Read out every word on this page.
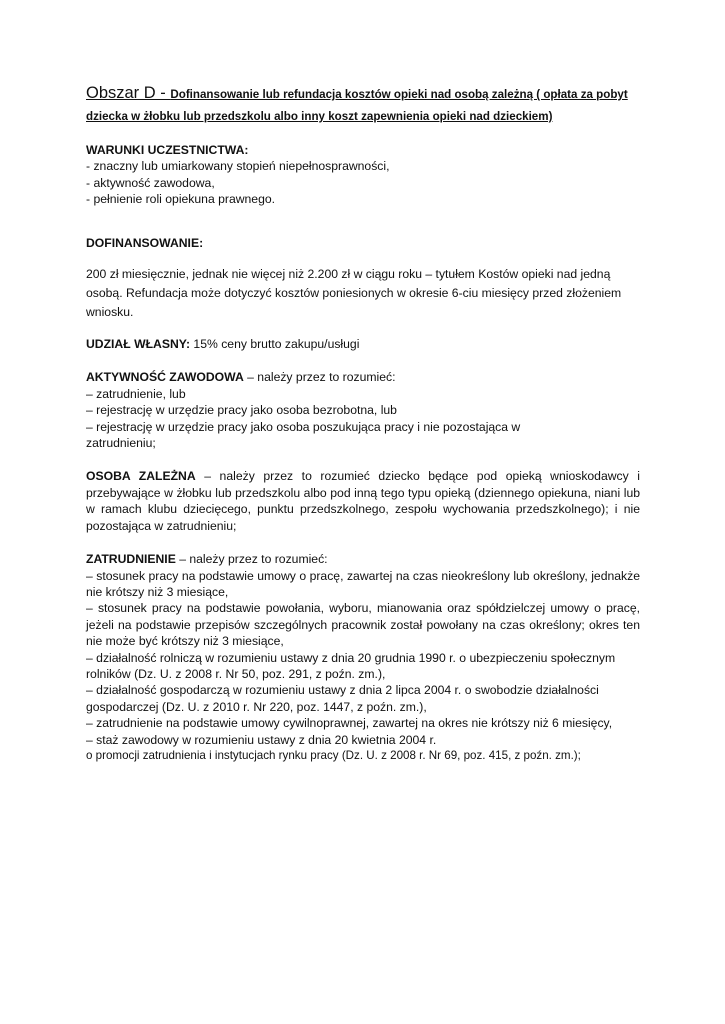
Obszar D - Dofinansowanie lub refundacja kosztów opieki nad osobą zależną ( opłata za pobyt dziecka w żłobku lub przedszkolu albo inny koszt zapewnienia opieki nad dzieckiem)

WARUNKI UCZESTNICTWA:
- znaczny lub umiarkowany stopień niepełnosprawności,
- aktywność zawodowa,
- pełnienie roli opiekuna prawnego.
DOFINANSOWANIE:

200 zł miesięcznie, jednak nie więcej niż 2.200 zł w ciągu roku – tytułem Kostów opieki nad jedną osobą. Refundacja może dotyczyć kosztów poniesionych w okresie 6-ciu miesięcy przed złożeniem wniosku.

UDZIAŁ WŁASNY: 15% ceny brutto zakupu/usługi

AKTYWNOŚĆ ZAWODOWA – należy przez to rozumieć:
– zatrudnienie, lub
– rejestrację w urzędzie pracy jako osoba bezrobotna, lub
– rejestrację w urzędzie pracy jako osoba poszukująca pracy i nie pozostająca w
zatrudnieniu;

OSOBA ZALEŻNA – należy przez to rozumieć dziecko będące pod opieką wnioskodawcy i przebywające w żłobku lub przedszkolu albo pod inną tego typu opieką (dziennego opiekuna, niani lub w ramach klubu dziecięcego, punktu przedszkolnego, zespołu wychowania przedszkolnego); i nie pozostająca w zatrudnieniu;

ZATRUDNIENIE – należy przez to rozumieć:

– stosunek pracy na podstawie umowy o pracę, zawartej na czas nieokreślony lub określony, jednakże nie krótszy niż 3 miesiące,

– stosunek pracy na podstawie powołania, wyboru, mianowania oraz spółdzielczej umowy o pracę, jeżeli na podstawie przepisów szczególnych pracownik został powołany na czas określony; okres ten nie może być krótszy niż 3 miesiące,

– działalność rolniczą w rozumieniu ustawy z dnia 20 grudnia 1990 r. o ubezpieczeniu społecznym rolników (Dz. U. z 2008 r. Nr 50, poz. 291, z poźn. zm.),

– działalność gospodarczą w rozumieniu ustawy z dnia 2 lipca 2004 r. o swobodzie działalności gospodarczej (Dz. U. z 2010 r. Nr 220, poz. 1447, z poźn. zm.),

– zatrudnienie na podstawie umowy cywilnoprawnej, zawartej na okres nie krótszy niż 6 miesięcy,

– staż zawodowy w rozumieniu ustawy z dnia 20 kwietnia 2004 r.

o promocji zatrudnienia i instytucjach rynku pracy (Dz. U. z 2008 r. Nr 69, poz. 415, z poźn. zm.);
